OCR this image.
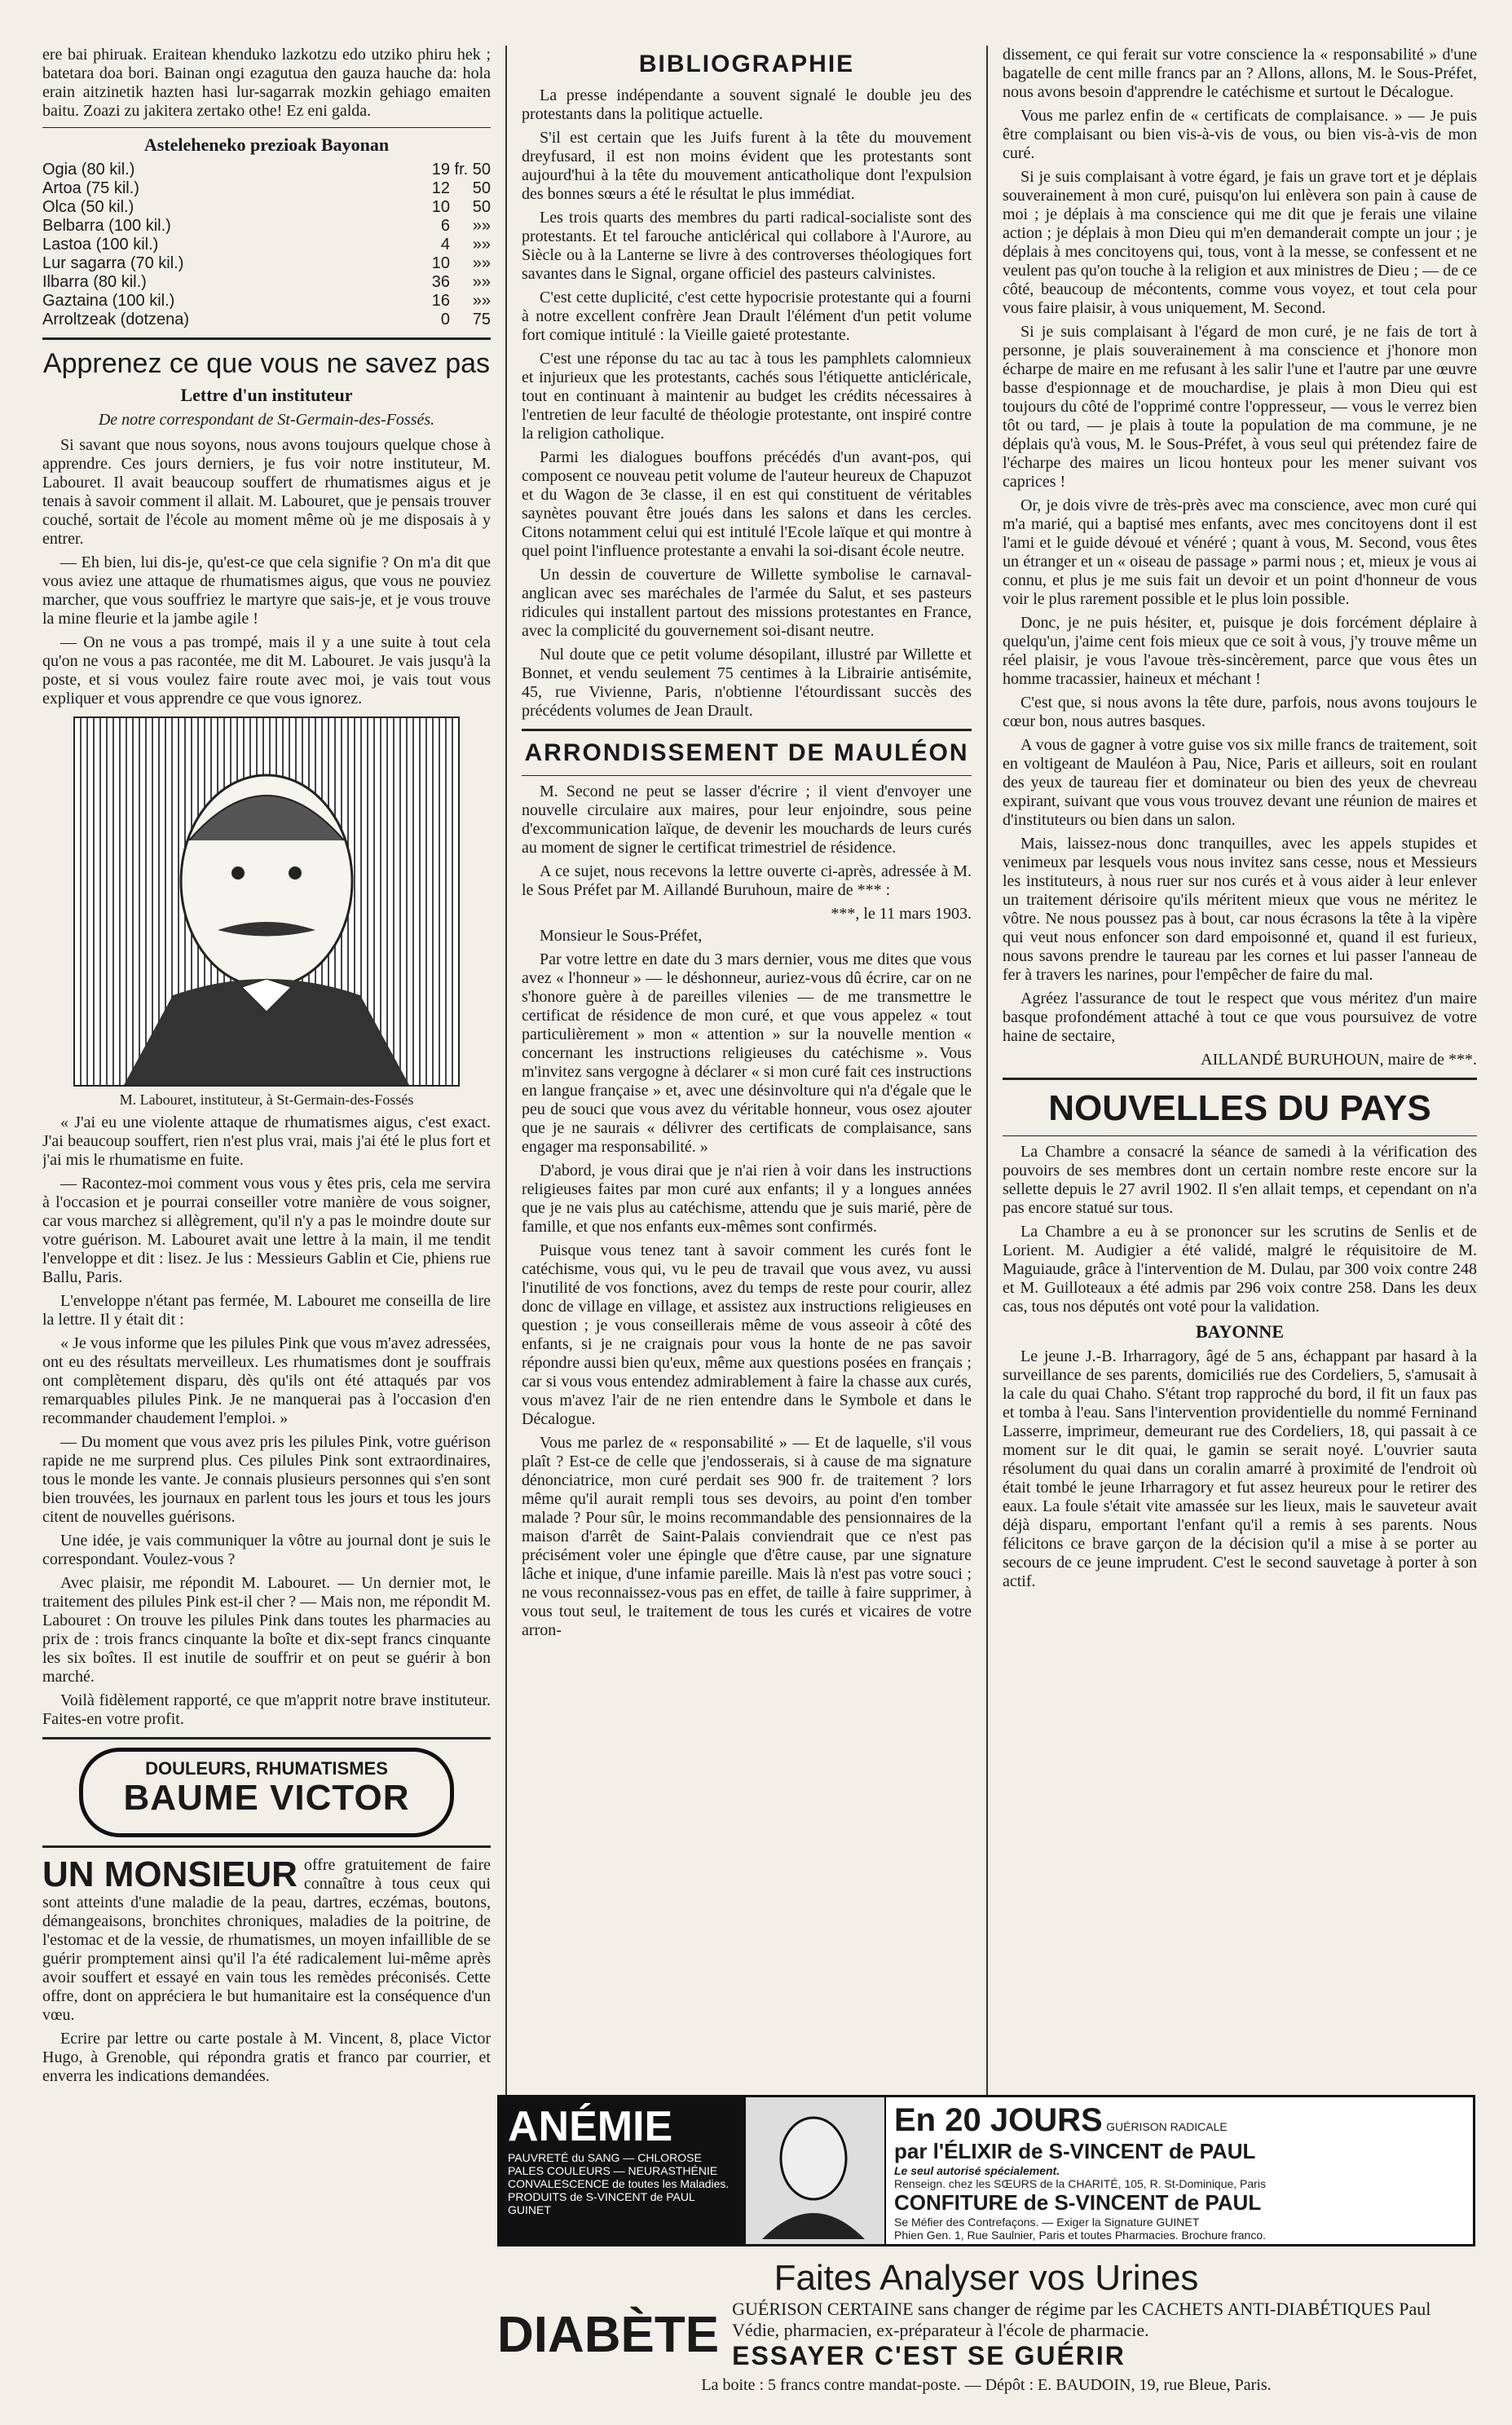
ere bai phiruak. Eraitean khenduko lazkotzu edo utziko phiru hek ; batetara doa bori. Bainan ongi ezagutua den gauza hauche da: hola erain aitzinetik hazten hasi lur-sagarrak mozkin gehiago emaiten baitu. Zoazi zu jakitera zertako othe! Ez eni galda.

Asteleheneko prezioak Bayonan
Ogia (80 kil.)	19	fr. 50
Artoa (75 kil.)	12	50
Olca (50 kil.)	10	50
Belbarra (100 kil.)	6	»»
Lastoa (100 kil.)	4	»»
Lur sagarra (70 kil.)	10	»»
Ilbarra (80 kil.)	36	»»
Gaztaina (100 kil.)	16	»»
Arroltzeak (dotzena)	0	75
Apprenez ce que vous ne savez pas
Lettre d'un instituteur
De notre correspondant de St-Germain-des-Fossés.

Si savant que nous soyons, nous avons toujours quelque chose à apprendre. Ces jours derniers, je fus voir notre instituteur, M. Labouret. Il avait beaucoup souffert de rhumatismes aigus et je tenais à savoir comment il allait. M. Labouret, que je pensais trouver couché, sortait de l'école au moment même où je me disposais à y entrer.

— Eh bien, lui dis-je, qu'est-ce que cela signifie ? On m'a dit que vous aviez une attaque de rhumatismes aigus, que vous ne pouviez marcher, que vous souffriez le martyre que sais-je, et je vous trouve la mine fleurie et la jambe agile !

— On ne vous a pas trompé, mais il y a une suite à tout cela qu'on ne vous a pas racontée, me dit M. Labouret. Je vais jusqu'à la poste, et si vous voulez faire route avec moi, je vais tout vous expliquer et vous apprendre ce que vous ignorez.

M. Labouret, instituteur, à St-Germain-des-Fossés

« J'ai eu une violente attaque de rhumatismes aigus, c'est exact. J'ai beaucoup souffert, rien n'est plus vrai, mais j'ai été le plus fort et j'ai mis le rhumatisme en fuite.

— Racontez-moi comment vous vous y êtes pris, cela me servira à l'occasion et je pourrai conseiller votre manière de vous soigner, car vous marchez si allègrement, qu'il n'y a pas le moindre doute sur votre guérison. M. Labouret avait une lettre à la main, il me tendit l'enveloppe et dit : lisez. Je lus : Messieurs Gablin et Cie, phiens rue Ballu, Paris.

L'enveloppe n'étant pas fermée, M. Labouret me conseilla de lire la lettre. Il y était dit :

« Je vous informe que les pilules Pink que vous m'avez adressées, ont eu des résultats merveilleux. Les rhumatismes dont je souffrais ont complètement disparu, dès qu'ils ont été attaqués par vos remarquables pilules Pink. Je ne manquerai pas à l'occasion d'en recommander chaudement l'emploi. »

— Du moment que vous avez pris les pilules Pink, votre guérison rapide ne me surprend plus. Ces pilules Pink sont extraordinaires, tous le monde les vante. Je connais plusieurs personnes qui s'en sont bien trouvées, les journaux en parlent tous les jours et tous les jours citent de nouvelles guérisons.

Une idée, je vais communiquer la vôtre au journal dont je suis le correspondant. Voulez-vous ?

Avec plaisir, me répondit M. Labouret. — Un dernier mot, le traitement des pilules Pink est-il cher ? — Mais non, me répondit M. Labouret : On trouve les pilules Pink dans toutes les pharmacies au prix de : trois francs cinquante la boîte et dix-sept francs cinquante les six boîtes. Il est inutile de souffrir et on peut se guérir à bon marché.

Voilà fidèlement rapporté, ce que m'apprit notre brave instituteur. Faites-en votre profit.

DOULEURS, RHUMATISMES
BAUME VICTOR
UN MONSIEUR offre gratuitement de faire connaître à tous ceux qui sont atteints d'une maladie de la peau, dartres, eczémas, boutons, démangeaisons, bronchites chroniques, maladies de la poitrine, de l'estomac et de la vessie, de rhumatismes, un moyen infaillible de se guérir promptement ainsi qu'il l'a été radicalement lui-même après avoir souffert et essayé en vain tous les remèdes préconisés. Cette offre, dont on appréciera le but humanitaire est la conséquence d'un vœu.

Ecrire par lettre ou carte postale à M. Vincent, 8, place Victor Hugo, à Grenoble, qui répondra gratis et franco par courrier, et enverra les indications demandées.

BIBLIOGRAPHIE

La presse indépendante a souvent signalé le double jeu des protestants dans la politique actuelle.

S'il est certain que les Juifs furent à la tête du mouvement dreyfusard, il est non moins évident que les protestants sont aujourd'hui à la tête du mouvement anticatholique dont l'expulsion des bonnes sœurs a été le résultat le plus immédiat.

Les trois quarts des membres du parti radical-socialiste sont des protestants. Et tel farouche anticlérical qui collabore à l'Aurore, au Siècle ou à la Lanterne se livre à des controverses théologiques fort savantes dans le Signal, organe officiel des pasteurs calvinistes.

C'est cette duplicité, c'est cette hypocrisie protestante qui a fourni à notre excellent confrère Jean Drault l'élément d'un petit volume fort comique intitulé : la Vieille gaieté protestante.

C'est une réponse du tac au tac à tous les pamphlets calomnieux et injurieux que les protestants, cachés sous l'étiquette anticléricale, tout en continuant à maintenir au budget les crédits nécessaires à l'entretien de leur faculté de théologie protestante, ont inspiré contre la religion catholique.

Parmi les dialogues bouffons précédés d'un avant-pos, qui composent ce nouveau petit volume de l'auteur heureux de Chapuzot et du Wagon de 3e classe, il en est qui constituent de véritables saynètes pouvant être joués dans les salons et dans les cercles. Citons notamment celui qui est intitulé l'Ecole laïque et qui montre à quel point l'influence protestante a envahi la soi-disant école neutre.

Un dessin de couverture de Willette symbolise le carnaval-anglican avec ses maréchales de l'armée du Salut, et ses pasteurs ridicules qui installent partout des missions protestantes en France, avec la complicité du gouvernement soi-disant neutre.

Nul doute que ce petit volume désopilant, illustré par Willette et Bonnet, et vendu seulement 75 centimes à la Librairie antisémite, 45, rue Vivienne, Paris, n'obtienne l'étourdissant succès des précédents volumes de Jean Drault.

ARRONDISSEMENT DE MAULÉON

M. Second ne peut se lasser d'écrire ; il vient d'envoyer une nouvelle circulaire aux maires, pour leur enjoindre, sous peine d'excommunication laïque, de devenir les mouchards de leurs curés au moment de signer le certificat trimestriel de résidence.

A ce sujet, nous recevons la lettre ouverte ci-après, adressée à M. le Sous Préfet par M. Aillandé Buruhoun, maire de *** :

***, le 11 mars 1903.

Monsieur le Sous-Préfet,

Par votre lettre en date du 3 mars dernier, vous me dites que vous avez « l'honneur » — le déshonneur, auriez-vous dû écrire, car on ne s'honore guère à de pareilles vilenies — de me transmettre le certificat de résidence de mon curé, et que vous appelez « tout particulièrement » mon « attention » sur la nouvelle mention « concernant les instructions religieuses du catéchisme ». Vous m'invitez sans vergogne à déclarer « si mon curé fait ces instructions en langue française » et, avec une désinvolture qui n'a d'égale que le peu de souci que vous avez du véritable honneur, vous osez ajouter que je ne saurais « délivrer des certificats de complaisance, sans engager ma responsabilité. »

D'abord, je vous dirai que je n'ai rien à voir dans les instructions religieuses faites par mon curé aux enfants; il y a longues années que je ne vais plus au catéchisme, attendu que je suis marié, père de famille, et que nos enfants eux-mêmes sont confirmés.

Puisque vous tenez tant à savoir comment les curés font le catéchisme, vous qui, vu le peu de travail que vous avez, vu aussi l'inutilité de vos fonctions, avez du temps de reste pour courir, allez donc de village en village, et assistez aux instructions religieuses en question ; je vous conseillerais même de vous asseoir à côté des enfants, si je ne craignais pour vous la honte de ne pas savoir répondre aussi bien qu'eux, même aux questions posées en français ; car si vous vous entendez admirablement à faire la chasse aux curés, vous m'avez l'air de ne rien entendre dans le Symbole et dans le Décalogue.

Vous me parlez de « responsabilité » — Et de laquelle, s'il vous plaît ? Est-ce de celle que j'endosserais, si à cause de ma signature dénonciatrice, mon curé perdait ses 900 fr. de traitement ? lors même qu'il aurait rempli tous ses devoirs, au point d'en tomber malade ? Pour sûr, le moins recommandable des pensionnaires de la maison d'arrêt de Saint-Palais conviendrait que ce n'est pas précisément voler une épingle que d'être cause, par une signature lâche et inique, d'une infamie pareille. Mais là n'est pas votre souci ; ne vous reconnaissez-vous pas en effet, de taille à faire supprimer, à vous tout seul, le traitement de tous les curés et vicaires de votre arron-

dissement, ce qui ferait sur votre conscience la « responsabilité » d'une bagatelle de cent mille francs par an ? Allons, allons, M. le Sous-Préfet, nous avons besoin d'apprendre le catéchisme et surtout le Décalogue.

Vous me parlez enfin de « certificats de complaisance. » — Je puis être complaisant ou bien vis-à-vis de vous, ou bien vis-à-vis de mon curé.

Si je suis complaisant à votre égard, je fais un grave tort et je déplais souverainement à mon curé, puisqu'on lui enlèvera son pain à cause de moi ; je déplais à ma conscience qui me dit que je ferais une vilaine action ; je déplais à mon Dieu qui m'en demanderait compte un jour ; je déplais à mes concitoyens qui, tous, vont à la messe, se confessent et ne veulent pas qu'on touche à la religion et aux ministres de Dieu ; — de ce côté, beaucoup de mécontents, comme vous voyez, et tout cela pour vous faire plaisir, à vous uniquement, M. Second.

Si je suis complaisant à l'égard de mon curé, je ne fais de tort à personne, je plais souverainement à ma conscience et j'honore mon écharpe de maire en me refusant à les salir l'une et l'autre par une œuvre basse d'espionnage et de mouchardise, je plais à mon Dieu qui est toujours du côté de l'opprimé contre l'oppresseur, — vous le verrez bien tôt ou tard, — je plais à toute la population de ma commune, je ne déplais qu'à vous, M. le Sous-Préfet, à vous seul qui prétendez faire de l'écharpe des maires un licou honteux pour les mener suivant vos caprices !

Or, je dois vivre de très-près avec ma conscience, avec mon curé qui m'a marié, qui a baptisé mes enfants, avec mes concitoyens dont il est l'ami et le guide dévoué et vénéré ; quant à vous, M. Second, vous êtes un étranger et un « oiseau de passage » parmi nous ; et, mieux je vous ai connu, et plus je me suis fait un devoir et un point d'honneur de vous voir le plus rarement possible et le plus loin possible.

Donc, je ne puis hésiter, et, puisque je dois forcément déplaire à quelqu'un, j'aime cent fois mieux que ce soit à vous, j'y trouve même un réel plaisir, je vous l'avoue très-sincèrement, parce que vous êtes un homme tracassier, haineux et méchant !

C'est que, si nous avons la tête dure, parfois, nous avons toujours le cœur bon, nous autres basques.

A vous de gagner à votre guise vos six mille francs de traitement, soit en voltigeant de Mauléon à Pau, Nice, Paris et ailleurs, soit en roulant des yeux de taureau fier et dominateur ou bien des yeux de chevreau expirant, suivant que vous vous trouvez devant une réunion de maires et d'instituteurs ou bien dans un salon.

Mais, laissez-nous donc tranquilles, avec les appels stupides et venimeux par lesquels vous nous invitez sans cesse, nous et Messieurs les instituteurs, à nous ruer sur nos curés et à vous aider à leur enlever un traitement dérisoire qu'ils méritent mieux que vous ne méritez le vôtre. Ne nous poussez pas à bout, car nous écrasons la tête à la vipère qui veut nous enfoncer son dard empoisonné et, quand il est furieux, nous savons prendre le taureau par les cornes et lui passer l'anneau de fer à travers les narines, pour l'empêcher de faire du mal.

Agréez l'assurance de tout le respect que vous méritez d'un maire basque profondément attaché à tout ce que vous poursuivez de votre haine de sectaire,

AILLANDÉ BURUHOUN, maire de ***.
NOUVELLES DU PAYS

La Chambre a consacré la séance de samedi à la vérification des pouvoirs de ses membres dont un certain nombre reste encore sur la sellette depuis le 27 avril 1902. Il s'en allait temps, et cependant on n'a pas encore statué sur tous.

La Chambre a eu à se prononcer sur les scrutins de Senlis et de Lorient. M. Audigier a été validé, malgré le réquisitoire de M. Maguiaude, grâce à l'intervention de M. Dulau, par 300 voix contre 248 et M. Guilloteaux a été admis par 296 voix contre 258. Dans les deux cas, tous nos députés ont voté pour la validation.

BAYONNE

Le jeune J.-B. Irharragory, âgé de 5 ans, échappant par hasard à la surveillance de ses parents, domiciliés rue des Cordeliers, 5, s'amusait à la cale du quai Chaho. S'étant trop rapproché du bord, il fit un faux pas et tomba à l'eau. Sans l'intervention providentielle du nommé Ferninand Lasserre, imprimeur, demeurant rue des Cordeliers, 18, qui passait à ce moment sur le dit quai, le gamin se serait noyé. L'ouvrier sauta résolument du quai dans un coralin amarré à proximité de l'endroit où était tombé le jeune Irharragory et fut assez heureux pour le retirer des eaux. La foule s'était vite amassée sur les lieux, mais le sauveteur avait déjà disparu, emportant l'enfant qu'il a remis à ses parents. Nous félicitons ce brave garçon de la décision qu'il a mise à se porter au secours de ce jeune imprudent. C'est le second sauvetage à porter à son actif.

ANÉMIE
PAUVRETÉ du SANG — CHLOROSE
PALES COULEURS — NEURASTHÉNIE
CONVALESCENCE de toutes les Maladies.
PRODUITS de S-VINCENT de PAUL GUINET
En 20 JOURS GUÉRISON RADICALE
par l'ÉLIXIR de S-VINCENT de PAUL
Le seul autorisé spécialement.
Renseign. chez les SŒURS de la CHARITÉ, 105, R. St-Dominique, Paris
CONFITURE de S-VINCENT de PAUL
Se Méfier des Contrefaçons. — Exiger la Signature GUINET
Phien Gen. 1, Rue Saulnier, Paris et toutes Pharmacies. Brochure franco.
Faites Analyser vos Urines
DIABÈTE GUÉRISON CERTAINE sans changer de régime par les CACHETS ANTI-DIABÉTIQUES Paul Védie, pharmacien, ex-préparateur à l'école de pharmacie.
ESSAYER C'EST SE GUÉRIR
La boite : 5 francs contre mandat-poste. — Dépôt : E. BAUDOIN, 19, rue Bleue, Paris.
